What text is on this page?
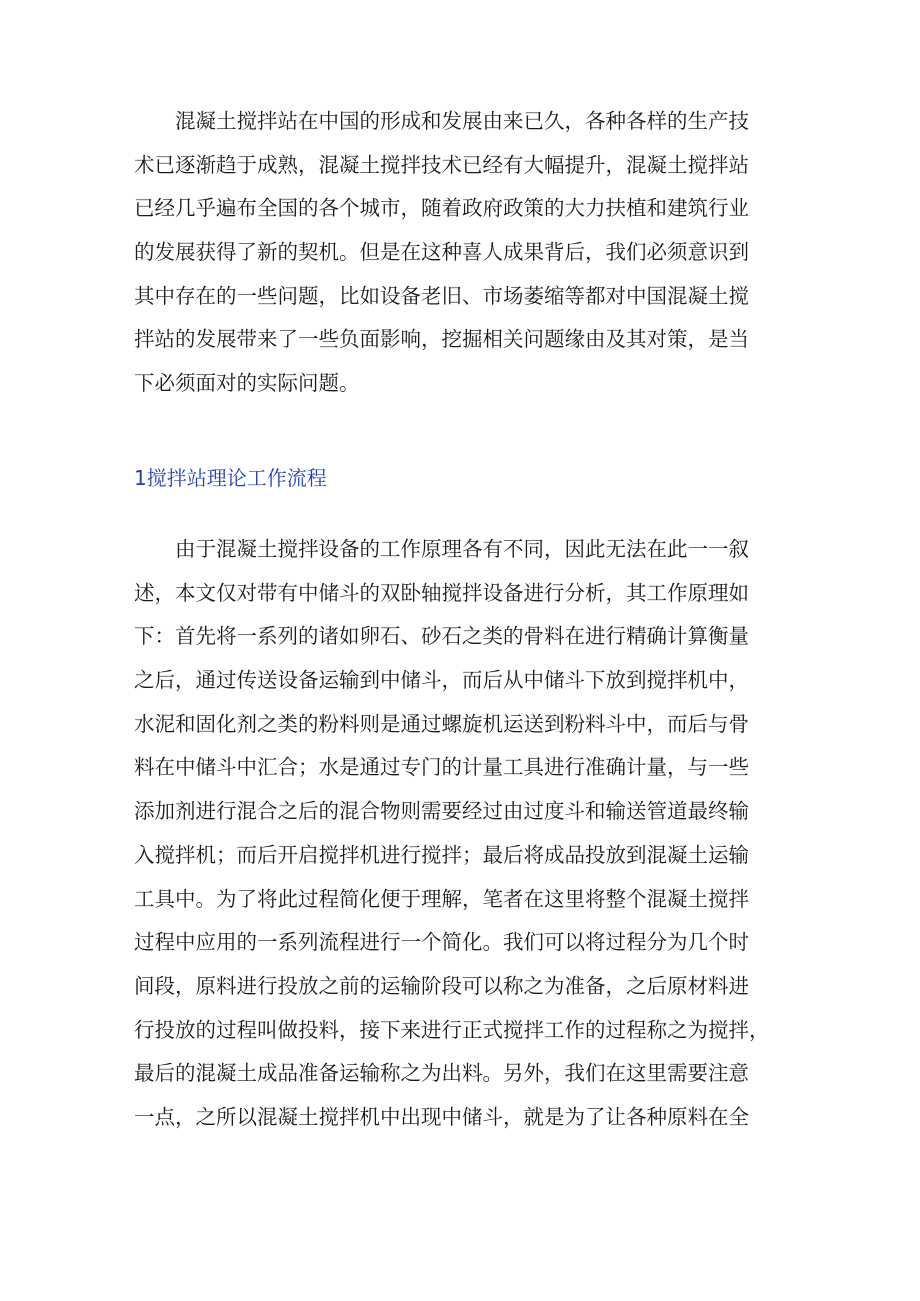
混凝土搅拌站在中国的形成和发展由来已久，各种各样的生产技
术已逐渐趋于成熟，混凝土搅拌技术已经有大幅提升，混凝土搅拌站
已经几乎遍布全国的各个城市，随着政府政策的大力扶植和建筑行业
的发展获得了新的契机。但是在这种喜人成果背后，我们必须意识到
其中存在的一些问题，比如设备老旧、市场萎缩等都对中国混凝土搅
拌站的发展带来了一些负面影响，挖掘相关问题缘由及其对策，是当
下必须面对的实际问题。
1搅拌站理论工作流程
由于混凝土搅拌设备的工作原理各有不同，因此无法在此一一叙
述，本文仅对带有中储斗的双卧轴搅拌设备进行分析，其工作原理如
下：首先将一系列的诸如卵石、砂石之类的骨料在进行精确计算衡量
之后，通过传送设备运输到中储斗，而后从中储斗下放到搅拌机中，
水泥和固化剂之类的粉料则是通过螺旋机运送到粉料斗中，而后与骨
料在中储斗中汇合；水是通过专门的计量工具进行准确计量，与一些
添加剂进行混合之后的混合物则需要经过由过度斗和输送管道最终输
入搅拌机；而后开启搅拌机进行搅拌；最后将成品投放到混凝土运输
工具中。为了将此过程简化便于理解，笔者在这里将整个混凝土搅拌
过程中应用的一系列流程进行一个简化。我们可以将过程分为几个时
间段，原料进行投放之前的运输阶段可以称之为准备，之后原材料进
行投放的过程叫做投料，接下来进行正式搅拌工作的过程称之为搅拌，
最后的混凝土成品准备运输称之为出料。另外，我们在这里需要注意
一点，之所以混凝土搅拌机中出现中储斗，就是为了让各种原料在全
